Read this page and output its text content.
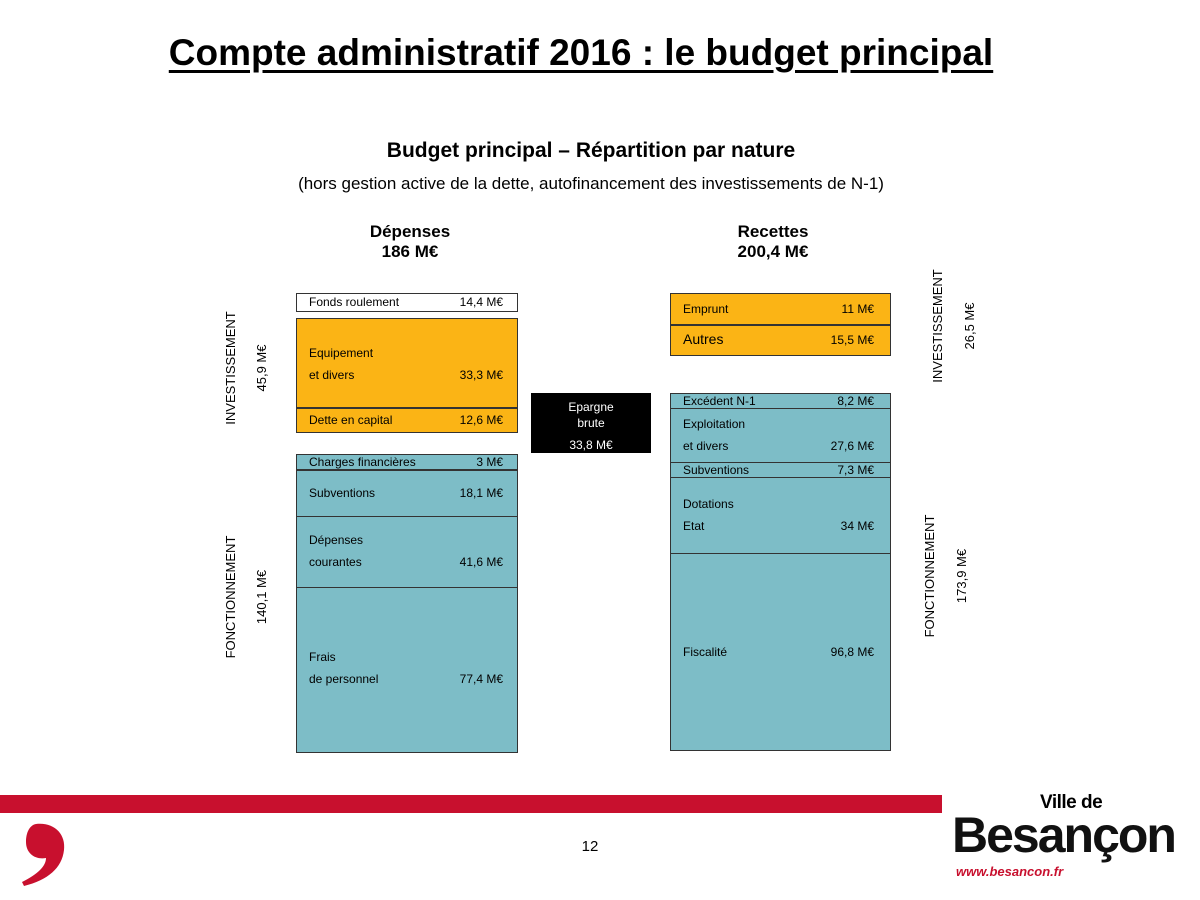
Compte administratif 2016 : le budget principal
Budget principal – Répartition par nature
(hors gestion active de la dette, autofinancement des investissements de N-1)
Dépenses
186 M€
Recettes
200,4 M€
INVESTISSEMENT 45,9 M€
FONCTIONNEMENT 140,1 M€
INVESTISSEMENT 26,5 M€
FONCTIONNEMENT 173,9 M€
Fonds roulement	14,4 M€
Equipement
et divers	33,3 M€
Dette en capital	12,6 M€
Charges financières	3 M€
Subventions	18,1 M€
Dépenses
courantes	41,6 M€
Frais
de personnel	77,4 M€
Epargne
brute
33,8 M€
Emprunt	11 M€
Autres	15,5 M€
Excédent N-1	8,2 M€
Exploitation
et divers	27,6 M€
Subventions	7,3 M€
Dotations
Etat	34 M€
Fiscalité	96,8 M€
12
Ville de
Besançon
www.besancon.fr
